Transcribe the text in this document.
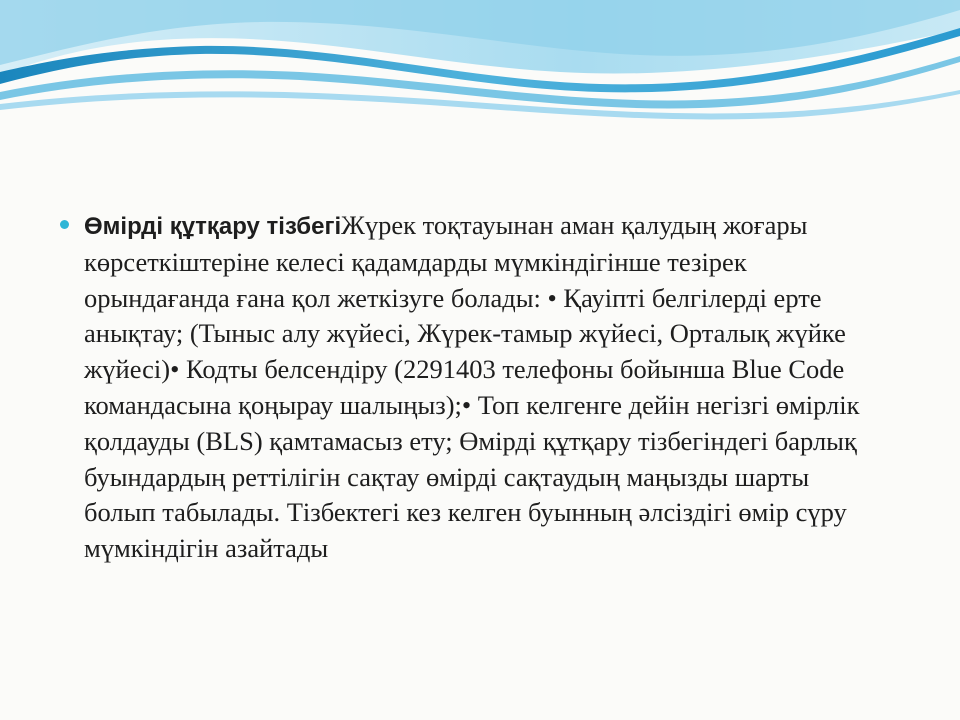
Өмірді құтқару тізбегіЖүрек тоқтауынан аман қалудың жоғары көрсеткіштеріне келесі қадамдарды мүмкіндігінше тезірек орындағанда ғана қол жеткізуге болады: • Қауіпті белгілерді ерте анықтау; (Тыныс алу жүйесі, Жүрек-тамыр жүйесі, Орталық жүйке жүйесі)• Кодты белсендіру (2291403 телефоны бойынша Blue Code командасына қоңырау шалыңыз);• Топ келгенге дейін негізгі өмірлік қолдауды (BLS) қамтамасыз ету; Өмірді құтқару тізбегіндегі барлық буындардың реттілігін сақтау өмірді сақтаудың маңызды шарты болып табылады. Тізбектегі кез келген буынның әлсіздігі өмір сүру мүмкіндігін азайтады
